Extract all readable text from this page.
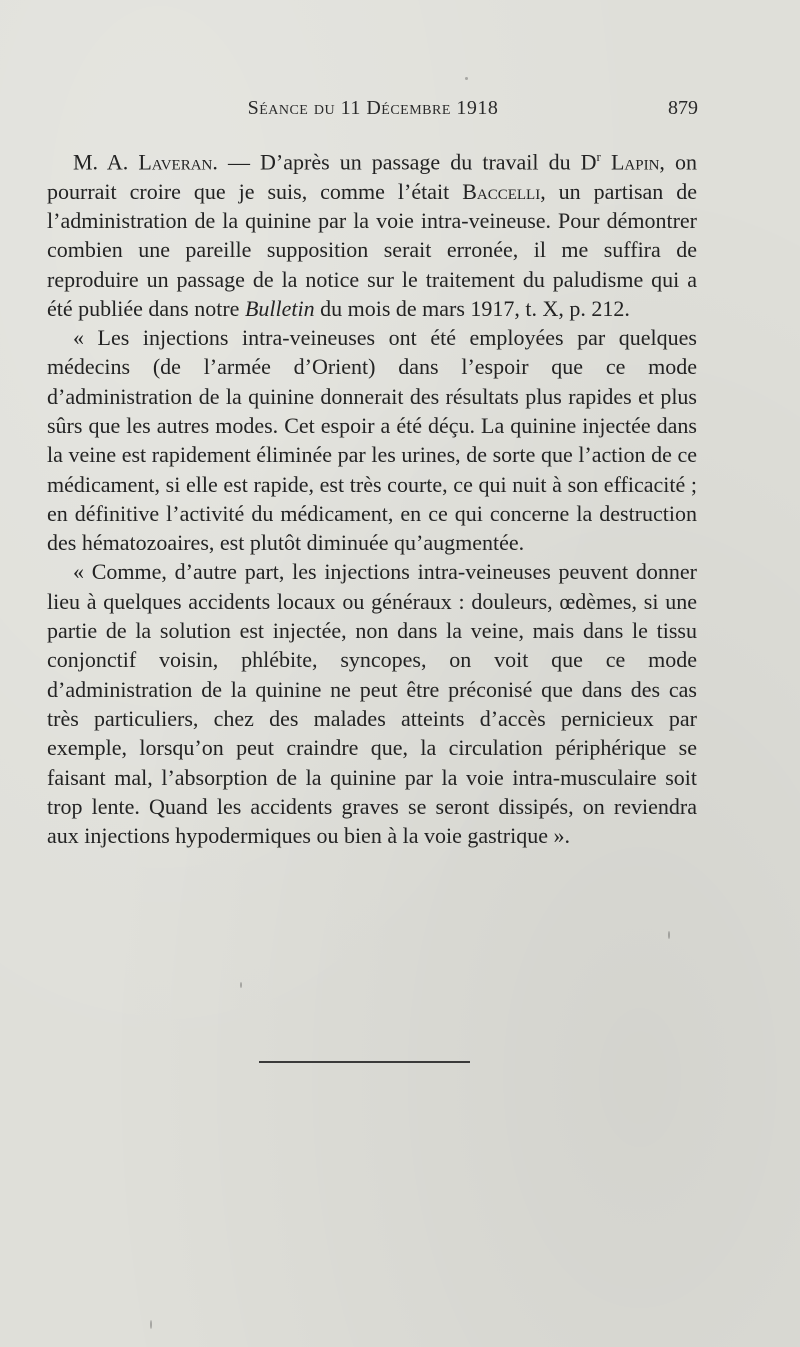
Séance du 11 Décembre 1918	879

M. A. Laveran. — D’après un passage du travail du $D^r$ Lapin, on pourrait croire que je suis, comme l’était Baccelli, un partisan de l’administration de la quinine par la voie intra-veineuse. Pour démontrer combien une pareille supposition serait erronée, il me suffira de reproduire un passage de la notice sur le traitement du paludisme qui a été publiée dans notre Bulletin du mois de mars 1917, t. X, p. 212.

« Les injections intra-veineuses ont été employées par quelques médecins (de l’armée d’Orient) dans l’espoir que ce mode d’administration de la quinine donnerait des résultats plus rapides et plus sûrs que les autres modes. Cet espoir a été déçu. La quinine injectée dans la veine est rapidement éliminée par les urines, de sorte que l’action de ce médicament, si elle est rapide, est très courte, ce qui nuit à son efficacité ; en définitive l’activité du médicament, en ce qui concerne la destruction des hématozoaires, est plutôt diminuée qu’augmentée.

« Comme, d’autre part, les injections intra-veineuses peuvent donner lieu à quelques accidents locaux ou généraux : douleurs, œdèmes, si une partie de la solution est injectée, non dans la veine, mais dans le tissu conjonctif voisin, phlébite, syncopes, on voit que ce mode d’administration de la quinine ne peut être préconisé que dans des cas très particuliers, chez des malades atteints d’accès pernicieux par exemple, lorsqu’on peut craindre que, la circulation périphérique se faisant mal, l’absorption de la quinine par la voie intra-musculaire soit trop lente. Quand les accidents graves se seront dissipés, on reviendra aux injections hypodermiques ou bien à la voie gastrique ».
